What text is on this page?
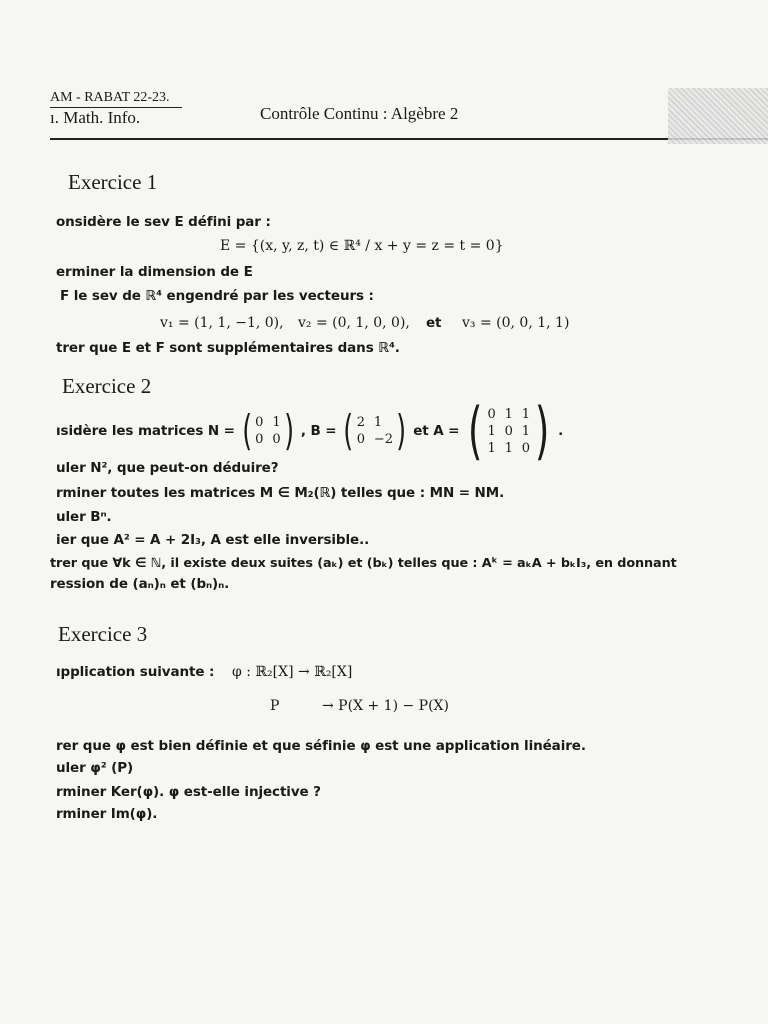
AM - RABAT 22-23.
ı. Math. Info.	Contrôle Continu : Algèbre 2
Exercice 1
onsidère le sev E défini par :
E = {(x, y, z, t) ∈ ℝ⁴ / x + y = z = t = 0}
erminer la dimension de E
F le sev de ℝ⁴ engendré par les vecteurs :
v₁ = (1, 1, −1, 0), v₂ = (0, 1, 0, 0), et v₃ = (0, 0, 1, 1)
trer que E et F sont supplémentaires dans ℝ⁴.
Exercice 2
ısidère les matrices N = ( 0 1
0 0 ) , B = ( 2 1
0 −2 ) et A = ( 0 1 1
1 0 1
1 1 0 ) .
uler N², que peut-on déduire?
rminer toutes les matrices M ∈ M₂(ℝ) telles que : MN = NM.
uler Bⁿ.
ier que A² = A + 2I₃, A est elle inversible..
trer que ∀k ∈ ℕ, il existe deux suites (aₖ) et (bₖ) telles que : Aᵏ = aₖA + bₖI₃, en donnant
ression de (aₙ)ₙ et (bₙ)ₙ.
Exercice 3
ıpplication suivante : φ : ℝ₂[X] → ℝ₂[X]
P	→ P(X + 1) − P(X)
rer que φ est bien définie et que séfinie φ est une application linéaire.
uler φ² (P)
rminer Ker(φ). φ est-elle injective ?
rminer Im(φ).
